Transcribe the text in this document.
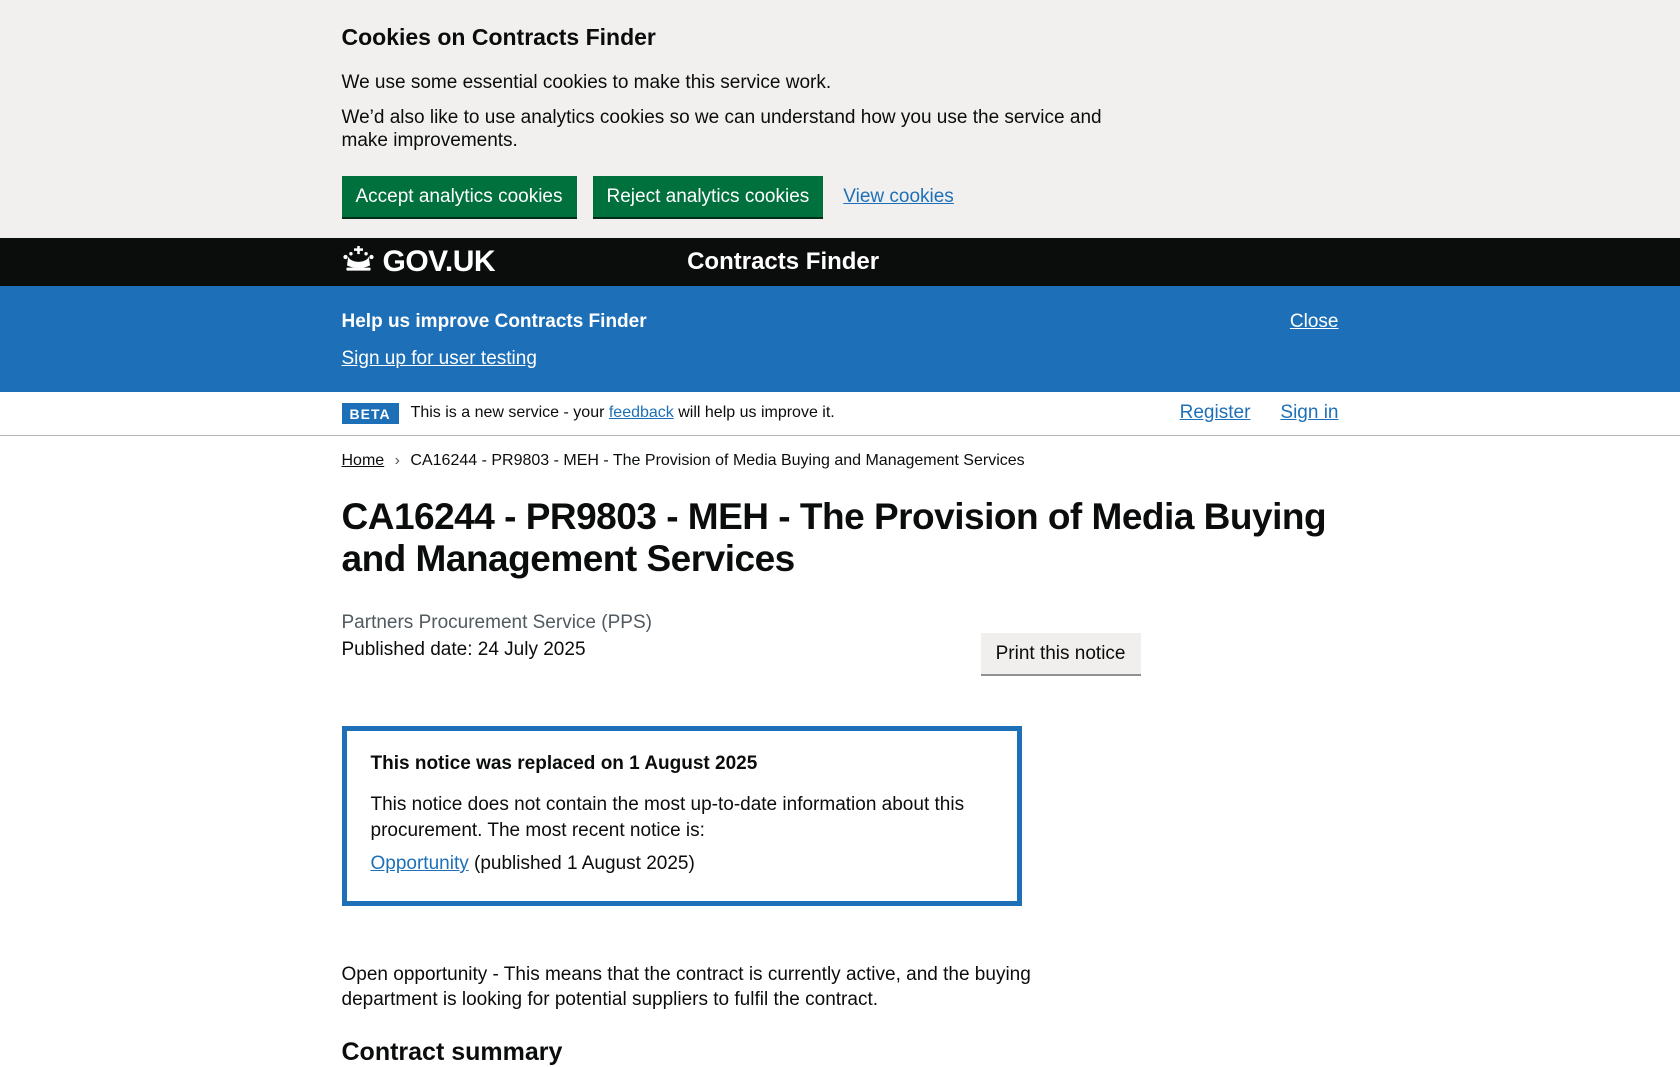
Cookies on Contracts Finder

We use some essential cookies to make this service work.

We’d also like to use analytics cookies so we can understand how you use the service and make improvements.

Accept analytics cookies	Reject analytics cookies	View cookies
GOV.UK	Contracts Finder
Help us improve Contracts Finder
Sign up for user testing
Close
BETA	This is a new service - your feedback will help us improve it.	Register Sign in
Home › CA16244 - PR9803 - MEH - The Provision of Media Buying and Management Services
CA16244 - PR9803 - MEH - The Provision of Media Buying and Management Services
Partners Procurement Service (PPS)
Published date: 24 July 2025	Print this notice
This notice was replaced on 1 August 2025

This notice does not contain the most up-to-date information about this procurement. The most recent notice is:

Opportunity (published 1 August 2025)

Open opportunity - This means that the contract is currently active, and the buying department is looking for potential suppliers to fulfil the contract.

Contract summary
